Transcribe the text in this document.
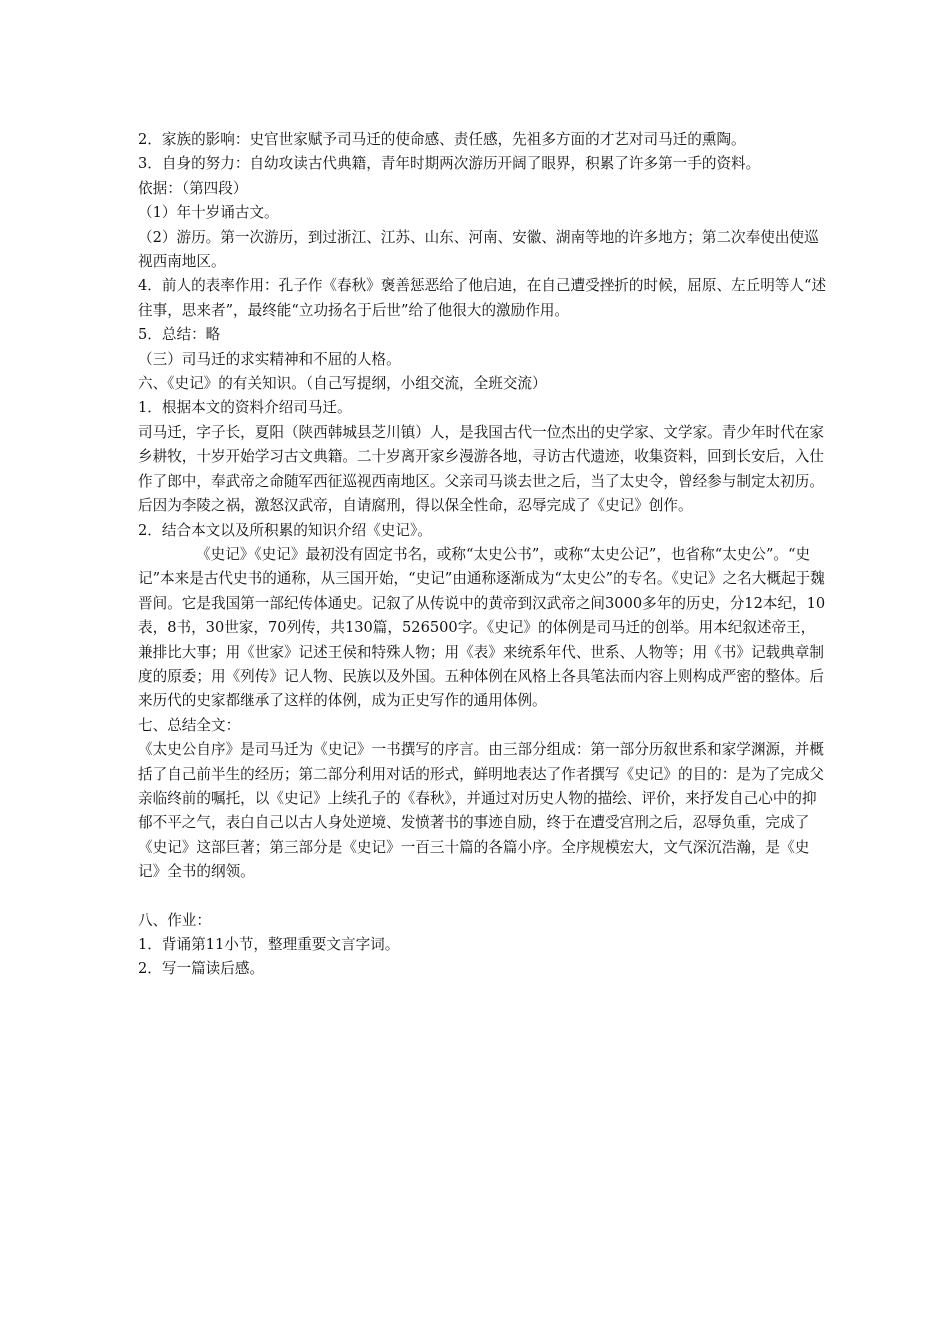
2．家族的影响：史官世家赋予司马迁的使命感、责任感，先祖多方面的才艺对司马迁的熏陶。

3．自身的努力：自幼攻读古代典籍，青年时期两次游历开阔了眼界，积累了许多第一手的资料。

依据：（第四段）

（1）年十岁诵古文。

（2）游历。第一次游历，到过浙江、江苏、山东、河南、安徽、湖南等地的许多地方；第二次奉使出使巡视西南地区。

4．前人的表率作用：孔子作《春秋》褒善惩恶给了他启迪，在自己遭受挫折的时候，屈原、左丘明等人“述往事，思来者”，最终能“立功扬名于后世”给了他很大的激励作用。

5．总结：略

（三）司马迁的求实精神和不屈的人格。

六、《史记》的有关知识。（自己写提纲，小组交流，全班交流）

1．根据本文的资料介绍司马迁。

司马迁，字子长，夏阳（陕西韩城县芝川镇）人，是我国古代一位杰出的史学家、文学家。青少年时代在家乡耕牧，十岁开始学习古文典籍。二十岁离开家乡漫游各地，寻访古代遗迹，收集资料，回到长安后，入仕作了郎中，奉武帝之命随军西征巡视西南地区。父亲司马谈去世之后，当了太史令，曾经参与制定太初历。后因为李陵之祸，激怒汉武帝，自请腐刑，得以保全性命，忍辱完成了《史记》创作。

2．结合本文以及所积累的知识介绍《史记》。

《史记》《史记》最初没有固定书名，或称“太史公书”，或称“太史公记”，也省称“太史公”。“史记”本来是古代史书的通称，从三国开始，“史记”由通称逐渐成为“太史公”的专名。《史记》之名大概起于魏晋间。它是我国第一部纪传体通史。记叙了从传说中的黄帝到汉武帝之间3000多年的历史，分12本纪，10表，8书，30世家，70列传，共130篇，526500字。《史记》的体例是司马迁的创举。用本纪叙述帝王，兼排比大事；用《世家》记述王侯和特殊人物；用《表》来统系年代、世系、人物等；用《书》记载典章制度的原委；用《列传》记人物、民族以及外国。五种体例在风格上各具笔法而内容上则构成严密的整体。后来历代的史家都继承了这样的体例，成为正史写作的通用体例。

七、总结全文：

《太史公自序》是司马迁为《史记》一书撰写的序言。由三部分组成：第一部分历叙世系和家学渊源，并概括了自己前半生的经历；第二部分利用对话的形式，鲜明地表达了作者撰写《史记》的目的：是为了完成父亲临终前的嘱托，以《史记》上续孔子的《春秋》，并通过对历史人物的描绘、评价，来抒发自己心中的抑郁不平之气，表白自己以古人身处逆境、发愤著书的事迹自励，终于在遭受宫刑之后，忍辱负重，完成了《史记》这部巨著；第三部分是《史记》一百三十篇的各篇小序。全序规模宏大，文气深沉浩瀚，是《史记》全书的纲领。

八、作业：

1．背诵第11小节，整理重要文言字词。

2．写一篇读后感。
